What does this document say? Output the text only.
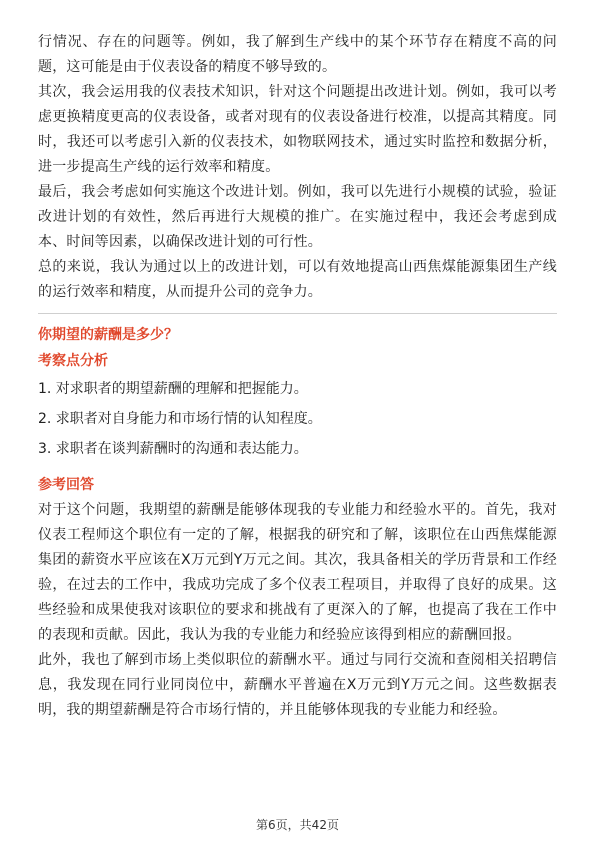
行情况、存在的问题等。例如，我了解到生产线中的某个环节存在精度不高的问题，这可能是由于仪表设备的精度不够导致的。

其次，我会运用我的仪表技术知识，针对这个问题提出改进计划。例如，我可以考虑更换精度更高的仪表设备，或者对现有的仪表设备进行校准，以提高其精度。同时，我还可以考虑引入新的仪表技术，如物联网技术，通过实时监控和数据分析，进一步提高生产线的运行效率和精度。

最后，我会考虑如何实施这个改进计划。例如，我可以先进行小规模的试验，验证改进计划的有效性，然后再进行大规模的推广。在实施过程中，我还会考虑到成本、时间等因素，以确保改进计划的可行性。

总的来说，我认为通过以上的改进计划，可以有效地提高山西焦煤能源集团生产线的运行效率和精度，从而提升公司的竞争力。

你期望的薪酬是多少？
考察点分析
1. 对求职者的期望薪酬的理解和把握能力。
2. 求职者对自身能力和市场行情的认知程度。
3. 求职者在谈判薪酬时的沟通和表达能力。
参考回答

对于这个问题，我期望的薪酬是能够体现我的专业能力和经验水平的。首先，我对仪表工程师这个职位有一定的了解，根据我的研究和了解，该职位在山西焦煤能源集团的薪资水平应该在X万元到Y万元之间。其次，我具备相关的学历背景和工作经验，在过去的工作中，我成功完成了多个仪表工程项目，并取得了良好的成果。这些经验和成果使我对该职位的要求和挑战有了更深入的了解，也提高了我在工作中的表现和贡献。因此，我认为我的专业能力和经验应该得到相应的薪酬回报。

此外，我也了解到市场上类似职位的薪酬水平。通过与同行交流和查阅相关招聘信息，我发现在同行业同岗位中，薪酬水平普遍在X万元到Y万元之间。这些数据表明，我的期望薪酬是符合市场行情的，并且能够体现我的专业能力和经验。

第6页，共42页
